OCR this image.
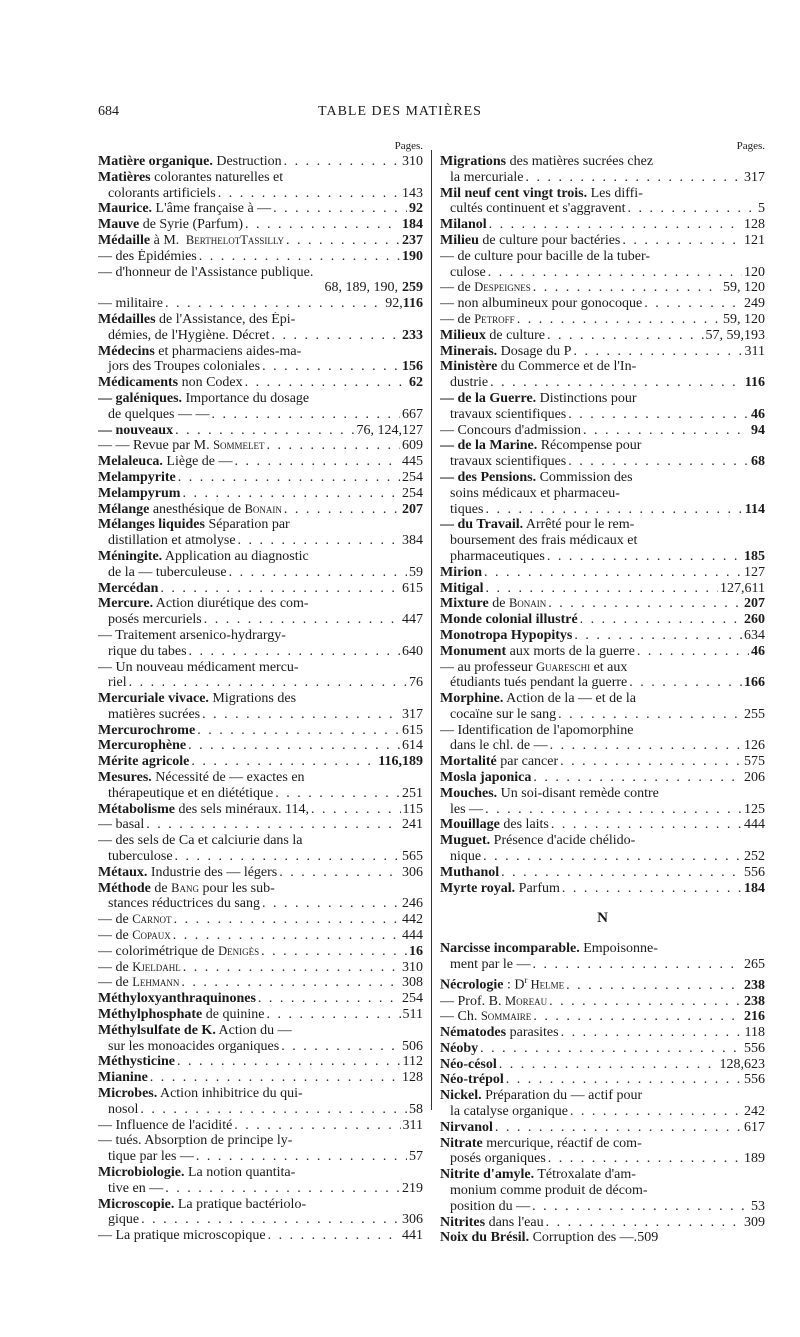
684	TABLE DES MATIÈRES
Pages.
Matière organique. Destruction . . .	310
Matières colorantes naturelles et
colorants artificiels . . .	143
Maurice. L'âme française à — . . .	92
Mauve de Syrie (Parfum) . . .	184
Médaille à M.  BerthelotTassilly . . .	237
— des Épidémies . . .	190
— d'honneur de l'Assistance publique.
68, 189, 190, 259
— militaire . . .	92, 116
Médailles de l'Assistance, des Épi-
démies, de l'Hygiène. Décret . . .	233
Médecins et pharmaciens aides-ma-
jors des Troupes coloniales . . .	156
Médicaments non Codex . . .	62
— galéniques. Importance du dosage
de quelques — — . . .	667
— nouveaux . . .	76, 124, 127
— — Revue par M. Sommelet . . .	609
Melaleuca. Liège de — . . .	445
Melampyrite . . .	254
Melampyrum . . .	254
Mélange anesthésique de Bonain . . .	207
Mélanges liquides Séparation par
distillation et atmolyse . . .	384
Méningite. Application au diagnostic
de la — tuberculeuse . . .	59
Mercédan . . .	615
Mercure. Action diurétique des com-
posés mercuriels . . .	447
— Traitement arsenico-hydrargy-
rique du tabes . . .	640
— Un nouveau médicament mercu-
riel . . .	76
Mercuriale vivace. Migrations des
matières sucrées . . .	317
Mercurochrome . . .	615
Mercurophène . . .	614
Mérite agricole . . .	116, 189
Mesures. Nécessité de — exactes en
thérapeutique et en diététique . . .	251
Métabolisme des sels minéraux. 114, . . .	115
— basal . . .	241
— des sels de Ca et calciurie dans la
tuberculose . . .	565
Métaux. Industrie des — légers . . .	306
Méthode de Bang pour les sub-
stances réductrices du sang . . .	246
— de Carnot . . .	442
— de Copaux . . .	444
— colorimétrique de Denigès . . .	16
— de Kjeldahl . . .	310
— de Lehmann . . .	308
Méthyloxyanthraquinones . . .	254
Méthylphosphate de quinine . . .	511
Méthylsulfate de K. Action du —
sur les monoacides organiques . . .	506
Méthysticine . . .	112
Mianine . . .	128
Microbes. Action inhibitrice du qui-
nosol . . .	58
— Influence de l'acidité . . .	311
— tués. Absorption de principe ly-
tique par les — . . .	57
Microbiologie. La notion quantita-
tive en — . . .	219
Microscopie. La pratique bactériolo-
gique . . .	306
— La pratique microscopique . . .	441
Pages.
Migrations des matières sucrées chez
la mercuriale . . .	317
Mil neuf cent vingt trois. Les diffi-
cultés continuent et s'aggravent . . .	5
Milanol . . .	128
Milieu de culture pour bactéries . . .	121
— de culture pour bacille de la tuber-
culose . . .	120
— de Despeignes . . .	59, 120
— non albumineux pour gonocoque . . .	249
— de Petroff . . .	59, 120
Milieux de culture . . .	57, 59, 193
Minerais. Dosage du P . . .	311
Ministère du Commerce et de l'In-
dustrie . . .	116
— de la Guerre. Distinctions pour
travaux scientifiques . . .	46
— Concours d'admission . . .	94
— de la Marine. Récompense pour
travaux scientifiques . . .	68
— des Pensions. Commission des
soins médicaux et pharmaceu-
tiques . . .	114
— du Travail. Arrêté pour le rem-
boursement des frais médicaux et
pharmaceutiques . . .	185
Mirion . . .	127
Mitigal . . .	127, 611
Mixture de Bonain . . .	207
Monde colonial illustré . . .	260
Monotropa Hypopitys . . .	634
Monument aux morts de la guerre . . .	46
— au professeur Guareschi et aux
étudiants tués pendant la guerre . . .	166
Morphine. Action de la — et de la
cocaïne sur le sang . . .	255
— Identification de l'apomorphine
dans le chl. de — . . .	126
Mortalité par cancer . . .	575
Mosla japonica . . .	206
Mouches. Un soi-disant remède contre
les — . . .	125
Mouillage des laits . . .	444
Muguet. Présence d'acide chélido-
nique . . .	252
Muthanol . . .	556
Myrte royal. Parfum . . .	184
N
Narcisse incomparable. Empoisonne-
ment par le — . . .	265
Nécrologie : $D^r$ Helme . . .	238
— Prof. B. Moreau . . .	238
— Ch. Sommaire . . .	216
Nématodes parasites . . .	118
Néoby . . .	556
Néo-césol . . .	128, 623
Néo-trépol . . .	556
Nickel. Préparation du — actif pour
la catalyse organique . . .	242
Nirvanol . . .	617
Nitrate mercurique, réactif de com-
posés organiques . . .	189
Nitrite d'amyle. Tétroxalate d'am-
monium comme produit de décom-
position du — . . .	53
Nitrites dans l'eau . . .	309
Noix du Brésil. Corruption des —. 509
